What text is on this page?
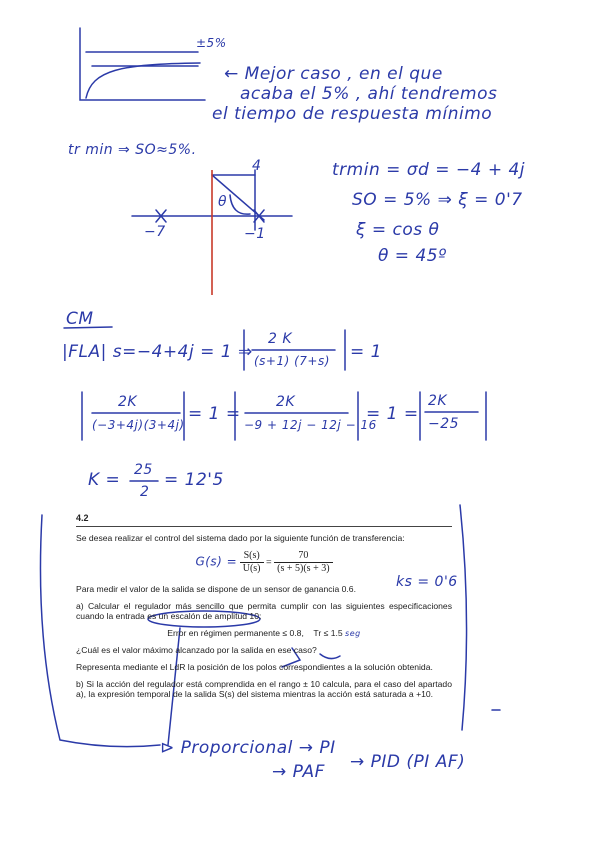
±5%
← Mejor caso , en el que
acaba el 5% , ahí tendremos
el tiempo de respuesta mínimo
tr min ⇒ SO≈5%.
4
θ
−7	−1
trmin = σd = −4 + 4j
SO = 5% ⇒ ξ = 0'7
ξ = cos θ
θ = 45º
CM
|FLA| s=−4+4j = 1 ⇒
2 K
(s+1) (7+s) = 1
2K
(−3+4j)(3+4j)
= 1 =
2K
−9 + 12j − 12j − 16
= 1 =
2K
−25
K = 25
2
= 12'5
4.2

Se desea realizar el control del sistema dado por la siguiente función de transferencia:

$G(s) = \frac{S(s)}{U(s)} = \frac{70}{(s + 5)(s + 3)}$

Para medir el valor de la salida se dispone de un sensor de ganancia 0.6.

a) Calcular el regulador más sencillo que permita cumplir con las siguientes especificaciones cuando la entrada es un escalón de amplitud 10:

Error en régimen permanente ≤ 0.8, Tr ≤ 1.5 seg

¿Cuál es el valor máximo alcanzado por la salida en ese caso?

Representa mediante el LdR la posición de los polos correspondientes a la solución obtenida.

b) Si la acción del regulador está comprendida en el rango ± 10 calcula, para el caso del apartado a), la expresión temporal de la salida S(s) del sistema mientras la acción está saturada a +10.

ks = 0'6
⊳ Proporcional → PI
→ PAF → PID (PI AF)
